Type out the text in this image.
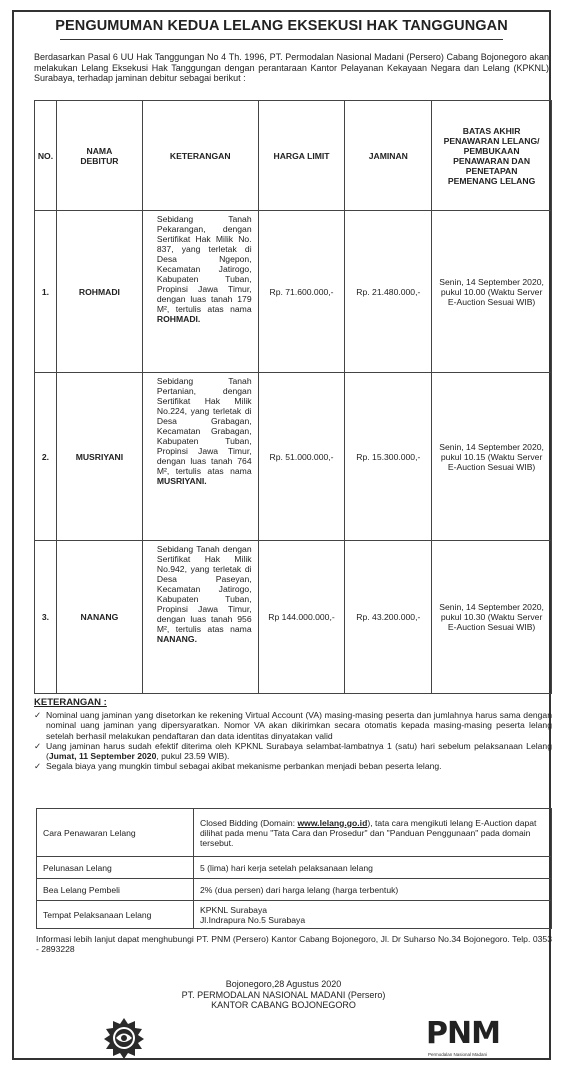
PENGUMUMAN KEDUA LELANG EKSEKUSI HAK TANGGUNGAN
Berdasarkan Pasal 6 UU Hak Tanggungan No 4 Th. 1996, PT. Permodalan Nasional Madani (Persero) Cabang Bojonegoro akan melakukan Lelang Eksekusi Hak Tanggungan dengan perantaraan Kantor Pelayanan Kekayaan Negara dan Lelang (KPKNL) Surabaya, terhadap jaminan debitur sebagai berikut :
NO.	NAMA DEBITUR	KETERANGAN	HARGA LIMIT	JAMINAN	BATAS AKHIR PENAWARAN LELANG/ PEMBUKAAN PENAWARAN DAN PENETAPAN PEMENANG LELANG
1.	ROHMADI	Sebidang Tanah Pekarangan, dengan Sertifikat Hak Milik No. 837, yang terletak di Desa Ngepon, Kecamatan Jatirogo, Kabupaten Tuban, Propinsi Jawa Timur, dengan luas tanah 179 M², tertulis atas nama ROHMADI.	Rp. 71.600.000,-	Rp. 21.480.000,-	Senin, 14 September 2020, pukul 10.00 (Waktu Server E-Auction Sesuai WIB)
2.	MUSRIYANI	Sebidang Tanah Pertanian, dengan Sertifikat Hak Milik No.224, yang terletak di Desa Grabagan, Kecamatan Grabagan, Kabupaten Tuban, Propinsi Jawa Timur, dengan luas tanah 764 M², tertulis atas nama MUSRIYANI.	Rp. 51.000.000,-	Rp. 15.300.000,-	Senin, 14 September 2020, pukul 10.15 (Waktu Server E-Auction Sesuai WIB)
3.	NANANG	Sebidang Tanah dengan Sertifikat Hak Milik No.942, yang terletak di Desa Paseyan, Kecamatan Jatirogo, Kabupaten Tuban, Propinsi Jawa Timur, dengan luas tanah 956 M², tertulis atas nama NANANG.	Rp 144.000.000,-	Rp. 43.200.000,-	Senin, 14 September 2020, pukul 10.30 (Waktu Server E-Auction Sesuai WIB)
KETERANGAN :
✓ Nominal uang jaminan yang disetorkan ke rekening Virtual Account (VA) masing-masing peserta dan jumlahnya harus sama dengan nominal uang jaminan yang dipersyaratkan. Nomor VA akan dikirimkan secara otomatis kepada masing-masing peserta lelang setelah berhasil melakukan pendaftaran dan data identitas dinyatakan valid
✓ Uang jaminan harus sudah efektif diterima oleh KPKNL Surabaya selambat-lambatnya 1 (satu) hari sebelum pelaksanaan Lelang (Jumat, 11 September 2020, pukul 23.59 WIB).
✓ Segala biaya yang mungkin timbul sebagai akibat mekanisme perbankan menjadi beban peserta lelang.
Cara Penawaran Lelang	Closed Bidding (Domain: www.lelang.go.id), tata cara mengikuti lelang E-Auction dapat dilihat pada menu "Tata Cara dan Prosedur" dan "Panduan Penggunaan" pada domain tersebut.
Pelunasan Lelang	5 (lima) hari kerja setelah pelaksanaan lelang
Bea Lelang Pembeli	2% (dua persen) dari harga lelang (harga terbentuk)
Tempat Pelaksanaan Lelang	KPKNL Surabaya
Jl.Indrapura No.5 Surabaya
Informasi lebih lanjut dapat menghubungi PT. PNM (Persero) Kantor Cabang Bojonegoro, Jl. Dr Suharso No.34 Bojonegoro. Telp. 0353 - 2893228
Bojonegoro,28 Agustus 2020
PT. PERMODALAN NASIONAL MADANI (Persero)
KANTOR CABANG BOJONEGORO
PNM
Permodalan Nasional Madani
